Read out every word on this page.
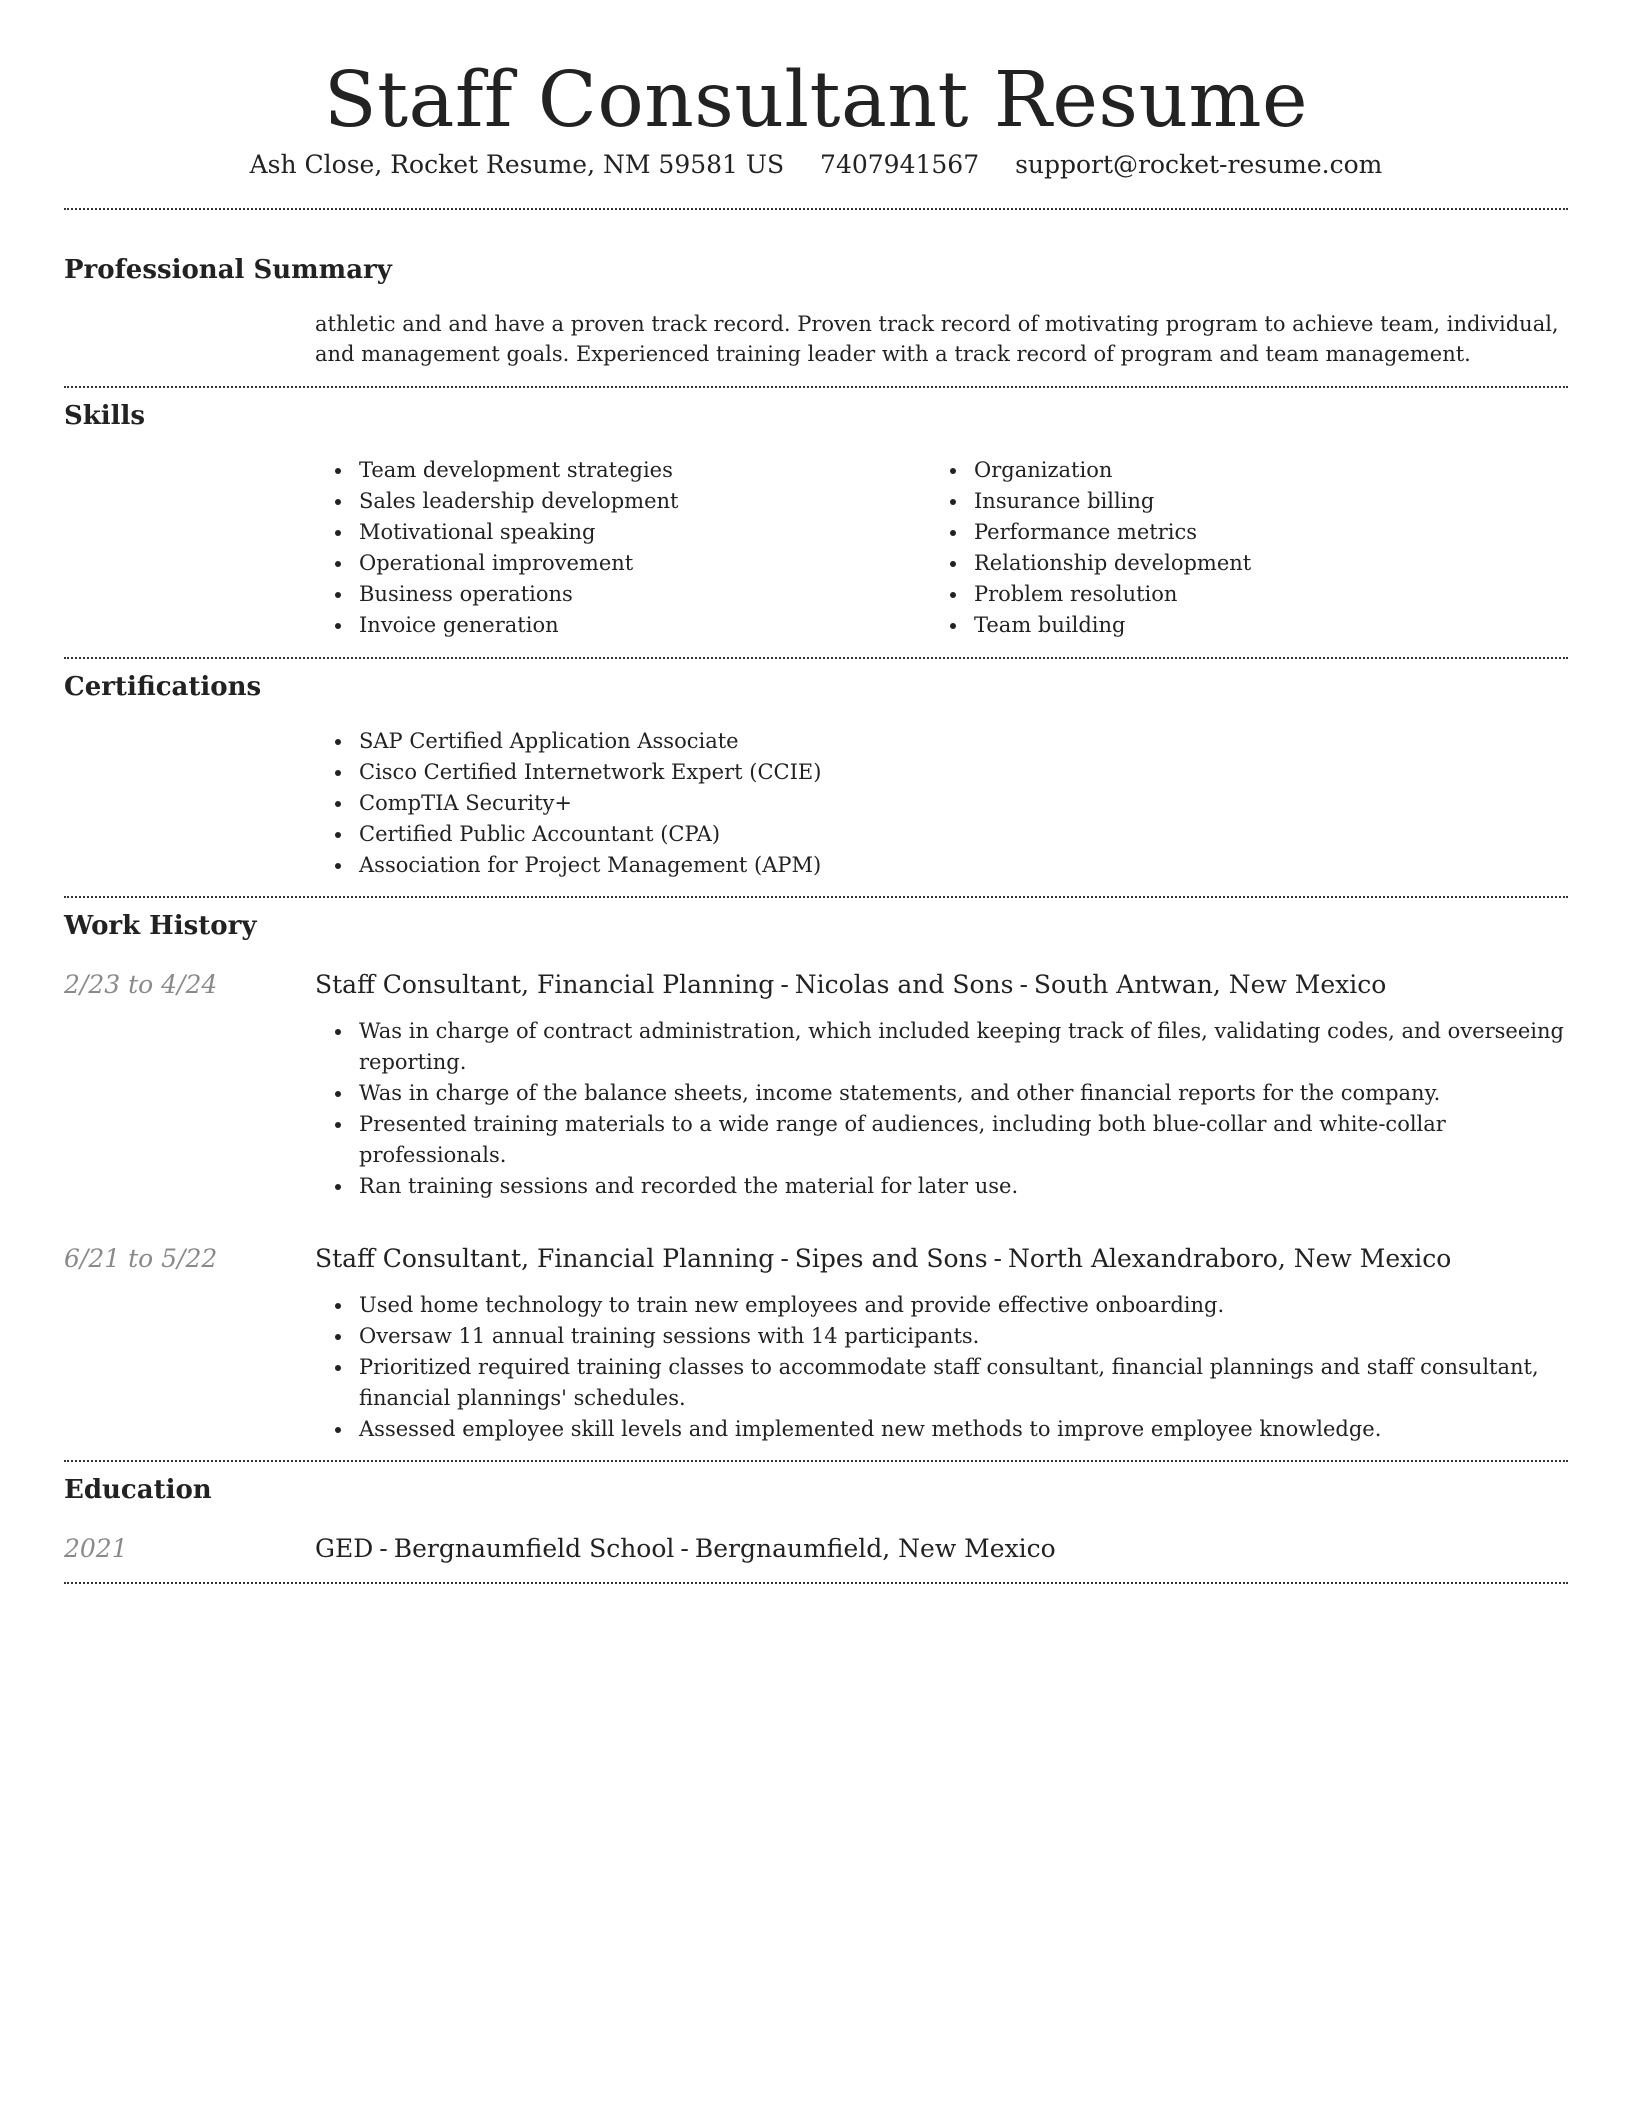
Staff Consultant Resume
Ash Close, Rocket Resume, NM 59581 US 7407941567 support@rocket-resume.com
Professional Summary

athletic and and have a proven track record. Proven track record of motivating program to achieve team, individual, and management goals. Experienced training leader with a track record of program and team management.

Skills
Team development strategies
Sales leadership development
Motivational speaking
Operational improvement
Business operations
Invoice generation
Organization
Insurance billing
Performance metrics
Relationship development
Problem resolution
Team building
Certifications
SAP Certified Application Associate
Cisco Certified Internetwork Expert (CCIE)
CompTIA Security+
Certified Public Accountant (CPA)
Association for Project Management (APM)
Work History
2/23 to 4/24	Staff Consultant, Financial Planning - Nicolas and Sons - South Antwan, New Mexico
Was in charge of contract administration, which included keeping track of files, validating codes, and overseeing reporting.
Was in charge of the balance sheets, income statements, and other financial reports for the company.
Presented training materials to a wide range of audiences, including both blue-collar and white-collar professionals.
Ran training sessions and recorded the material for later use.
6/21 to 5/22	Staff Consultant, Financial Planning - Sipes and Sons - North Alexandraboro, New Mexico
Used home technology to train new employees and provide effective onboarding.
Oversaw 11 annual training sessions with 14 participants.
Prioritized required training classes to accommodate staff consultant, financial plannings and staff consultant, financial plannings' schedules.
Assessed employee skill levels and implemented new methods to improve employee knowledge.
Education
2021	GED - Bergnaumfield School - Bergnaumfield, New Mexico
